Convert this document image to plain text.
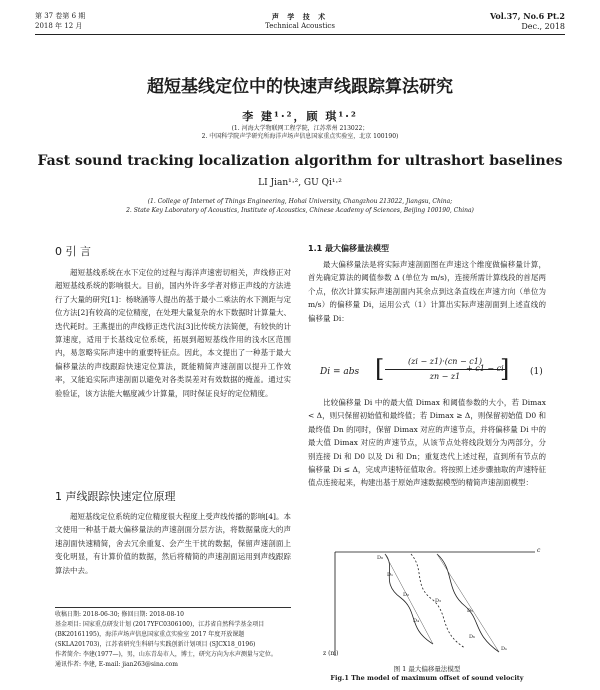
第 37 卷第 6 期
2018 年 12 月
声 学 技 术
Technical Acoustics
Vol.37, No.6 Pt.2
Dec., 2018
超短基线定位中的快速声线跟踪算法研究
李 建¹·²，顾 琪¹·²
(1. 河海大学物联网工程学院，江苏常州 213022；
2. 中国科学院声学研究所海洋声场声信息国家重点实验室，北京 100190)
Fast sound tracking localization algorithm for ultrashort baselines
LI Jian¹·², GU Qi¹·²
(1. College of Internet of Things Engineering, Hohai University, Changzhou 213022, Jiangsu, China;
2. State Key Laboratory of Acoustics, Institute of Acoustics, Chinese Academy of Sciences, Beijing 100190, China)
0 引 言
超短基线系统在水下定位的过程与海洋声速密切相关，声线修正对超短基线系统的影响很大。目前，国内外许多学者对修正声线的方法进行了大量的研究[1]：杨晓涵等人提出的基于最小二乘法的水下测距与定位方法[2]有较高的定位精度，在处理大量复杂的水下数据时计算量大、迭代耗时。王燕提出的声线修正迭代法[3]比传统方法简便，有较快的计算速度，适用于长基线定位系统，拓展到超短基线作用的浅水区范围内，易忽略实际声速中的重要特征点。因此，本文提出了一种基于最大偏移量法的声线跟踪快速定位算法，既能精简声速剖面以提升工作效率，又能追实际声速剖面以避免对各类误差对有效数据的掩盖。通过实验验证，该方法能大幅度减少计算量，同时保证良好的定位精度。
1 声线跟踪快速定位原理
超短基线定位系统的定位精度很大程度上受声线传播的影响[4]。本文使用一种基于最大偏移量法的声速剖面分层方法，将数据量庞大的声速剖面快速精简，舍去冗余重复、会产生干扰的数据，保留声速剖面上变化明显，有计算价值的数据，然后将精简的声速剖面运用到声线跟踪算法中去。
收稿日期: 2018-06-30; 修回日期: 2018-08-10
基金项目: 国家重点研发计划 (2017YFC0306100)，江苏省自然科学基金项目 (BK20161195)，海洋声场声信息国家重点实验室 2017 年度开放课题 (SKLA201703)，江苏省研究生科研与实践创新计划项目 (SJCX18_0196)
作者简介: 李建(1977—)，男，山东青岛市人，博士，研究方向为水声测量与定位。
通讯作者: 李建, E-mail: jian263@sina.com
1.1 最大偏移量法模型
最大偏移量法是将实际声速剖面图在声速这个维度做偏移量计算，首先确定算法的阈值参数 Δ (单位为 m/s)，连接所需计算线段的首尾两个点，依次计算实际声速剖面内其余点到这条直线在声速方向（单位为 m/s）的偏移量 Di，运用公式（1）计算出实际声速剖面到上述直线的偏移量 Di：
Di = abs [	(zi − z1)·(cn − c1)
zn − z1
+ c1 − ci
] (1)
比较偏移量 Di 中的最大值 Dimax 和阈值参数的大小，若 Dimax < Δ，则只保留初始值和最终值；若 Dimax ≥ Δ，则保留初始值 D0 和最终值 Dn 的同时，保留 Dimax 对应的声速节点，并将偏移量 Di 中的最大值 Dimax 对应的声速节点，从该节点处将线段划分为两部分，分别连接 Di 和 D0 以及 Di 和 Dn；重复迭代上述过程，直到所有节点的偏移量 Di ≤ Δ，完成声速特征值取舍。将按照上述步骤抽取的声速特征值点连接起来，构建出基于原始声速数据模型的精简声速剖面模型：
c
z (m)
D₀
D₁
D₂
D₃
D₄
D₅
D₆
Dₙ
图 1 最大偏移量法模型
Fig.1 The model of maximum offset of sound velocity
